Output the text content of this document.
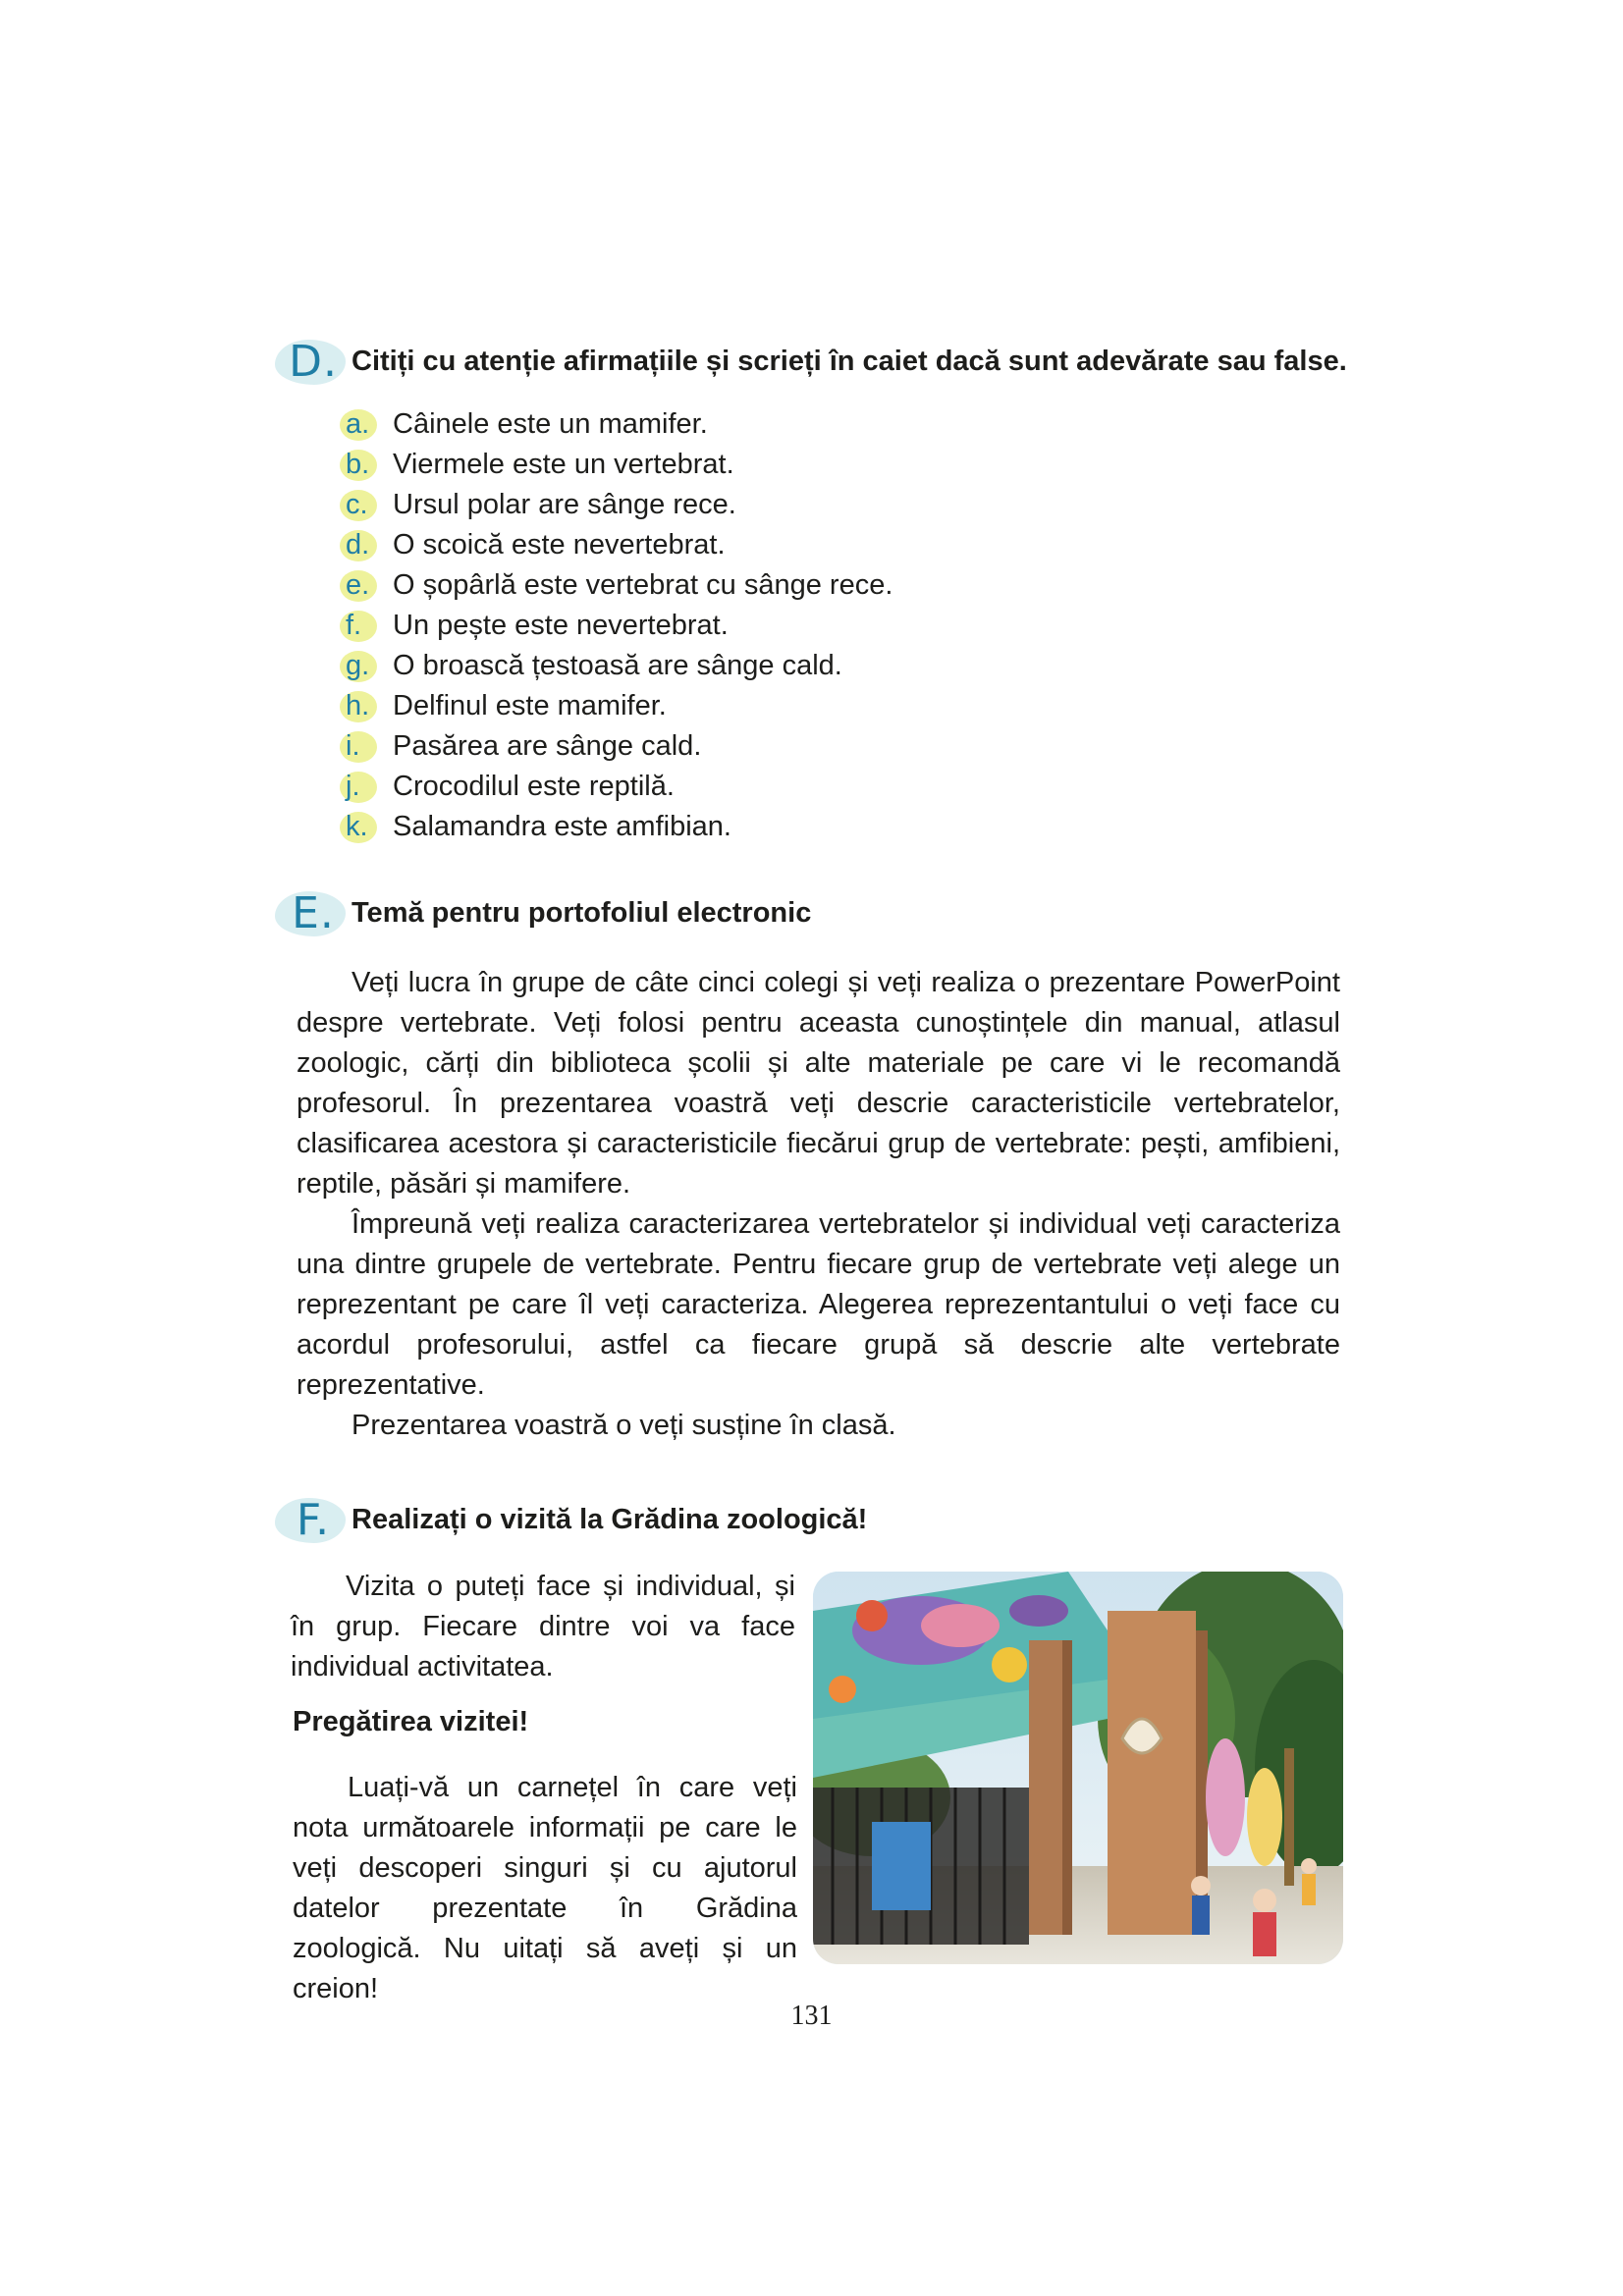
D. Citiți cu atenție afirmațiile și scrieți în caiet dacă sunt adevărate sau false.
a. Câinele este un mamifer.
b. Viermele este un vertebrat.
c. Ursul polar are sânge rece.
d. O scoică este nevertebrat.
e. O șopârlă este vertebrat cu sânge rece.
f. Un pește este nevertebrat.
g. O broască țestoasă are sânge cald.
h. Delfinul este mamifer.
i. Pasărea are sânge cald.
j. Crocodilul este reptilă.
k. Salamandra este amfibian.
E. Temă pentru portofoliul electronic

Veți lucra în grupe de câte cinci colegi și veți realiza o prezentare PowerPoint despre vertebrate. Veți folosi pentru aceasta cunoștințele din manual, atlasul zoologic, cărți din biblioteca școlii și alte materiale pe care vi le recomandă profesorul. În prezentarea voastră veți descrie caracteristicile vertebratelor, clasificarea acestora și caracteristicile fiecărui grup de vertebrate: pești, amfibieni, reptile, păsări și mamifere.

Împreună veți realiza caracterizarea vertebratelor și individual veți caracteriza una dintre grupele de vertebrate. Pentru fiecare grup de vertebrate veți alege un reprezentant pe care îl veți caracteriza. Alegerea reprezentantului o veți face cu acordul profesorului, astfel ca fiecare grupă să descrie alte vertebrate reprezentative.

Prezentarea voastră o veți susține în clasă.

F. Realizați o vizită la Grădina zoologică!

Vizita o puteți face și individual, și în grup. Fiecare dintre voi va face individual activitatea.

Pregătirea vizitei!

Luați-vă un carnețel în care veți nota următoarele informații pe care le veți descoperi singuri și cu ajutorul datelor prezentate în Grădina zoologică. Nu uitați să aveți și un creion!

131
